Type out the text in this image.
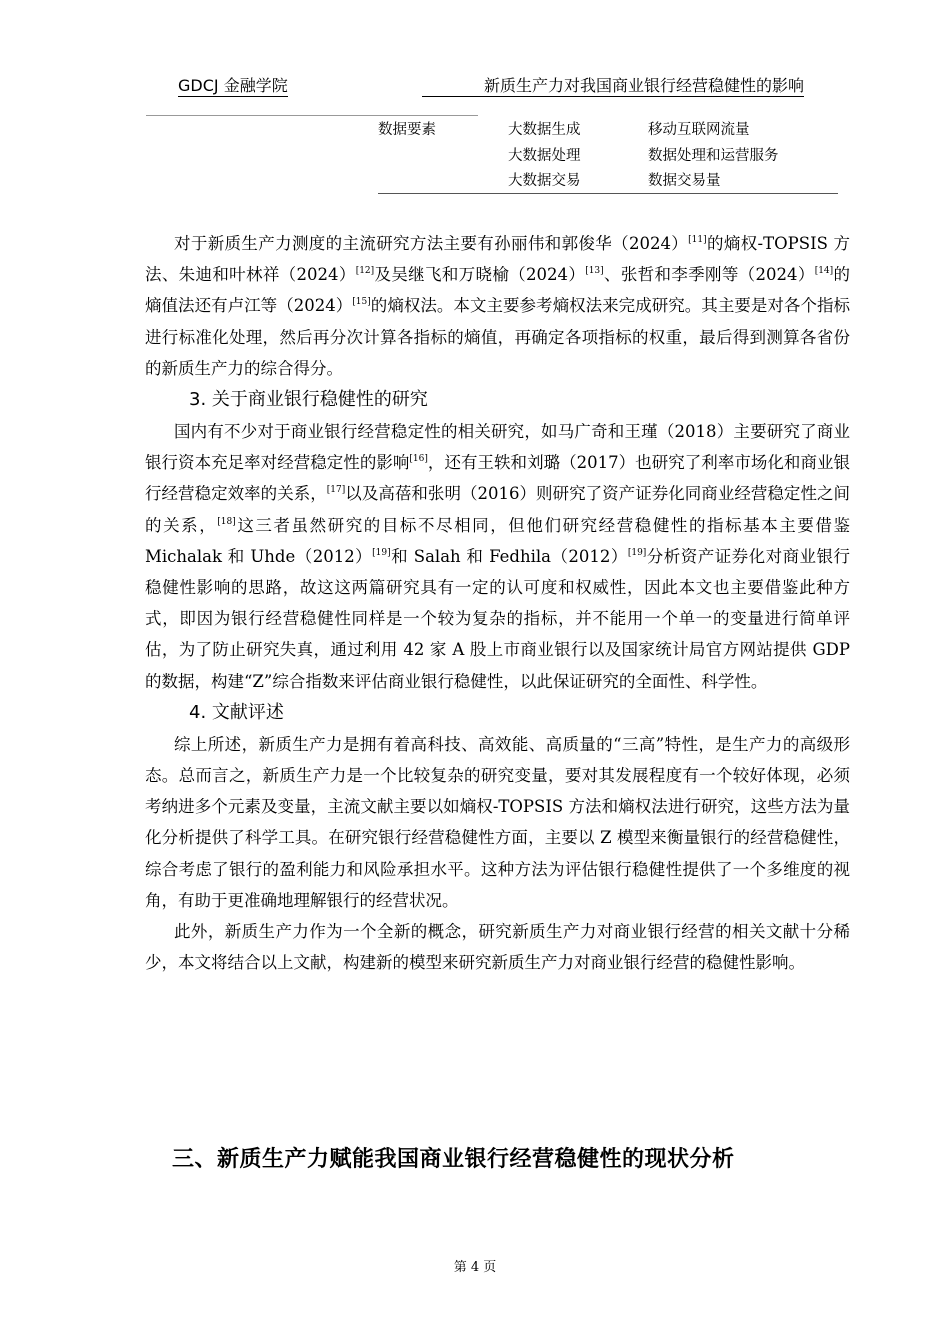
GDCJ 金融学院	新质生产力对我国商业银行经营稳健性的影响
数据要素	大数据生成
大数据处理
大数据交易
移动互联网流量
数据处理和运营服务
数据交易量

对于新质生产力测度的主流研究方法主要有孙丽伟和郭俊华（2024）[11]的熵权-TOPSIS 方法、朱迪和叶林祥（2024）[12]及吴继飞和万晓榆（2024）[13]、张哲和李季刚等（2024）[14]的熵值法还有卢江等（2024）[15]的熵权法。本文主要参考熵权法来完成研究。其主要是对各个指标进行标准化处理，然后再分次计算各指标的熵值，再确定各项指标的权重，最后得到测算各省份的新质生产力的综合得分。

3. 关于商业银行稳健性的研究

国内有不少对于商业银行经营稳定性的相关研究，如马广奇和王瑾（2018）主要研究了商业银行资本充足率对经营稳定性的影响[16]，还有王轶和刘璐（2017）也研究了利率市场化和商业银行经营稳定效率的关系，[17]以及高蓓和张明（2016）则研究了资产证券化同商业经营稳定性之间的关系，[18]这三者虽然研究的目标不尽相同，但他们研究经营稳健性的指标基本主要借鉴 Michalak 和 Uhde（2012）[19]和 Salah 和 Fedhila（2012）[19]分析资产证券化对商业银行稳健性影响的思路，故这这两篇研究具有一定的认可度和权威性，因此本文也主要借鉴此种方式，即因为银行经营稳健性同样是一个较为复杂的指标，并不能用一个单一的变量进行简单评估，为了防止研究失真，通过利用 42 家 A 股上市商业银行以及国家统计局官方网站提供 GDP 的数据，构建“Z”综合指数来评估商业银行稳健性，以此保证研究的全面性、科学性。

4. 文献评述

综上所述，新质生产力是拥有着高科技、高效能、高质量的“三高”特性，是生产力的高级形态。总而言之，新质生产力是一个比较复杂的研究变量，要对其发展程度有一个较好体现，必须考纳进多个元素及变量，主流文献主要以如熵权-TOPSIS 方法和熵权法进行研究，这些方法为量化分析提供了科学工具。在研究银行经营稳健性方面，主要以 Z 模型来衡量银行的经营稳健性，综合考虑了银行的盈利能力和风险承担水平。这种方法为评估银行稳健性提供了一个多维度的视角，有助于更准确地理解银行的经营状况。

此外，新质生产力作为一个全新的概念，研究新质生产力对商业银行经营的相关文献十分稀少，本文将结合以上文献，构建新的模型来研究新质生产力对商业银行经营的稳健性影响。

三、新质生产力赋能我国商业银行经营稳健性的现状分析
第 4 页
